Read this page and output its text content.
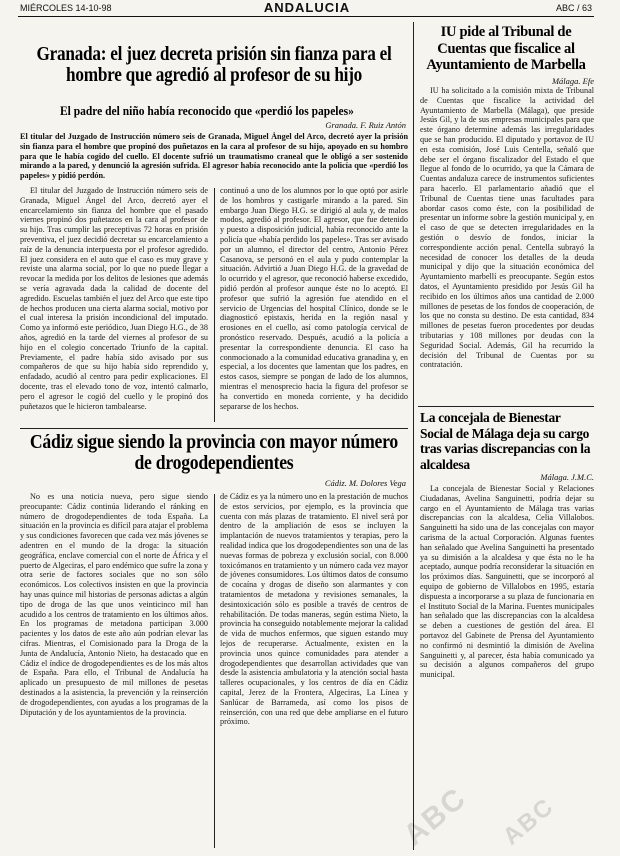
MIÉRCOLES 14-10-98	ANDALUCIA	ABC / 63
Granada: el juez decreta prisión sin fianza para el hombre que agredió al profesor de su hijo
El padre del niño había reconocido que «perdió los papeles»
Granada. F. Ruiz Antón
El titular del Juzgado de Instrucción número seis de Granada, Miguel Ángel del Arco, decretó ayer la prisión sin fianza para el hombre que propinó dos puñetazos en la cara al profesor de su hijo, apoyado en su hombro para que le había cogido del cuello. El docente sufrió un traumatismo craneal que le obligó a ser sostenido mirando a la pared, y denunció la agresión sufrida. El agresor había reconocido ante la policía que «perdió los papeles» y pidió perdón.

El titular del Juzgado de Instrucción número seis de Granada, Miguel Ángel del Arco, decretó ayer el encarcelamiento sin fianza del hombre que el pasado viernes propinó dos puñetazos en la cara al profesor de su hijo. Tras cumplir las preceptivas 72 horas en prisión preventiva, el juez decidió decretar su encarcelamiento a raíz de la denuncia interpuesta por el profesor agredido. El juez considera en el auto que el caso es muy grave y reviste una alarma social, por lo que no puede llegar a revocar la medida por los delitos de lesiones que además se vería agravada dada la calidad de docente del agredido. Escuelas también el juez del Arco que este tipo de hechos producen una cierta alarma social, motivo por el cual interesa la prisión incondicional del imputado. Como ya informó este periódico, Juan Diego H.G., de 38 años, agredió en la tarde del viernes al profesor de su hijo en el colegio concertado Triunfo de la capital. Previamente, el padre había sido avisado por sus compañeros de que su hijo había sido reprendido y, enfadado, acudió al centro para pedir explicaciones. El docente, tras el elevado tono de voz, intentó calmarlo, pero el agresor le cogió del cuello y le propinó dos puñetazos que le hicieron tambalearse.

continuó a uno de los alumnos por lo que optó por asirle de los hombros y castigarle mirando a la pared. Sin embargo Juan Diego H.G. se dirigió al aula y, de malos modos, agredió al profesor. El agresor, que fue detenido y puesto a disposición judicial, había reconocido ante la policía que «había perdido los papeles». Tras ser avisado por un alumno, el director del centro, Antonio Pérez Casanova, se personó en el aula y pudo contemplar la situación. Advirtió a Juan Diego H.G. de la gravedad de lo ocurrido y el agresor, que reconoció haberse excedido, pidió perdón al profesor aunque éste no lo aceptó. El profesor que sufrió la agresión fue atendido en el servicio de Urgencias del hospital Clínico, donde se le diagnosticó epistaxis, herida en la región nasal y erosiones en el cuello, así como patología cervical de pronóstico reservado. Después, acudió a la policía a presentar la correspondiente denuncia. El caso ha conmocionado a la comunidad educativa granadina y, en especial, a los docentes que lamentan que los padres, en estos casos, siempre se pongan de lado de los alumnos, mientras el menosprecio hacia la figura del profesor se ha convertido en moneda corriente, y ha decidido separarse de los hechos.

Cádiz sigue siendo la provincia con mayor número de drogodependientes
Cádiz. M. Dolores Vega

No es una noticia nueva, pero sigue siendo preocupante: Cádiz continúa liderando el ránking en número de drogodependientes de toda España. La situación en la provincia es difícil para atajar el problema y sus condiciones favorecen que cada vez más jóvenes se adentren en el mundo de la droga: la situación geográfica, enclave comercial con el norte de África y el puerto de Algeciras, el paro endémico que sufre la zona y otra serie de factores sociales que no son sólo económicos. Los colectivos insisten en que la provincia hay unas quince mil historias de personas adictas a algún tipo de droga de las que unos veinticinco mil han acudido a los centros de tratamiento en los últimos años. En los programas de metadona participan 3.000 pacientes y los datos de este año aún podrían elevar las cifras. Mientras, el Comisionado para la Droga de la Junta de Andalucía, Antonio Nieto, ha destacado que en Cádiz el índice de drogodependientes es de los más altos de España. Para ello, el Tribunal de Andalucía ha aplicado un presupuesto de mil millones de pesetas destinados a la asistencia, la prevención y la reinserción de drogodependientes, con ayudas a los programas de la Diputación y de los ayuntamientos de la provincia.

de Cádiz es ya la número uno en la prestación de muchos de estos servicios, por ejemplo, es la provincia que cuenta con más plazas de tratamiento. El nivel será por dentro de la ampliación de esos se incluyen la implantación de nuevos tratamientos y terapias, pero la realidad indica que los drogodependientes son una de las nuevas formas de pobreza y exclusión social, con 8.000 toxicómanos en tratamiento y un número cada vez mayor de jóvenes consumidores. Los últimos datos de consumo de cocaína y drogas de diseño son alarmantes y con tratamientos de metadona y revisiones semanales, la desintoxicación sólo es posible a través de centros de rehabilitación. De todas maneras, según estima Nieto, la provincia ha conseguido notablemente mejorar la calidad de vida de muchos enfermos, que siguen estando muy lejos de recuperarse. Actualmente, existen en la provincia unos quince comunidades para atender a drogodependientes que desarrollan actividades que van desde la asistencia ambulatoria y la atención social hasta talleres ocupacionales, y los centros de día en Cádiz capital, Jerez de la Frontera, Algeciras, La Línea y Sanlúcar de Barrameda, así como los pisos de reinserción, con una red que debe ampliarse en el futuro próximo.

IU pide al Tribunal de Cuentas que fiscalice al Ayuntamiento de Marbella
Málaga. Efe

IU ha solicitado a la comisión mixta de Tribunal de Cuentas que fiscalice la actividad del Ayuntamiento de Marbella (Málaga), que preside Jesús Gil, y la de sus empresas municipales para que este órgano determine además las irregularidades que se han producido. El diputado y portavoz de IU en esta comisión, José Luis Centella, señaló que debe ser el órgano fiscalizador del Estado el que llegue al fondo de lo ocurrido, ya que la Cámara de Cuentas andaluza carece de instrumentos suficientes para hacerlo. El parlamentario añadió que el Tribunal de Cuentas tiene unas facultades para abordar casos como éste, con la posibilidad de presentar un informe sobre la gestión municipal y, en el caso de que se detecten irregularidades en la gestión o desvío de fondos, iniciar la correspondiente acción penal. Centella subrayó la necesidad de conocer los detalles de la deuda municipal y dijo que la situación económica del Ayuntamiento marbellí es preocupante. Según estos datos, el Ayuntamiento presidido por Jesús Gil ha recibido en los últimos años una cantidad de 2.000 millones de pesetas de los fondos de cooperación, de los que no consta su destino. De esta cantidad, 834 millones de pesetas fueron procedentes por deudas tributarias y 108 millones por deudas con la Seguridad Social. Además, Gil ha recurrido la decisión del Tribunal de Cuentas por su contratación.

La concejala de Bienestar Social de Málaga deja su cargo tras varias discrepancias con la alcaldesa
Málaga. J.M.C.

La concejala de Bienestar Social y Relaciones Ciudadanas, Avelina Sanguinetti, podría dejar su cargo en el Ayuntamiento de Málaga tras varias discrepancias con la alcaldesa, Celia Villalobos. Sanguinetti ha sido una de las concejalas con mayor carisma de la actual Corporación. Algunas fuentes han señalado que Avelina Sanguinetti ha presentado ya su dimisión a la alcaldesa y que ésta no le ha aceptado, aunque podría reconsiderar la situación en los próximos días. Sanguinetti, que se incorporó al equipo de gobierno de Villalobos en 1995, estaría dispuesta a incorporarse a su plaza de funcionaria en el Instituto Social de la Marina. Fuentes municipales han señalado que las discrepancias con la alcaldesa se deben a cuestiones de gestión del área. El portavoz del Gabinete de Prensa del Ayuntamiento no confirmó ni desmintió la dimisión de Avelina Sanguinetti y, al parecer, ésta había comunicado ya su decisión a algunos compañeros del grupo municipal.

ABC ABC
